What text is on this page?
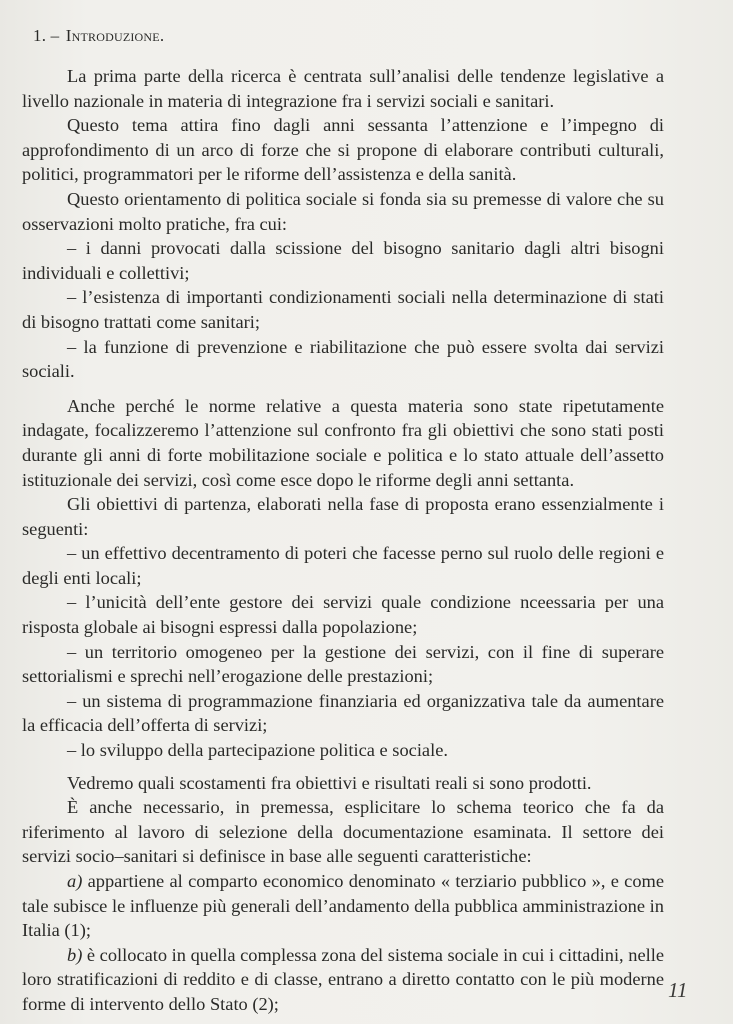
1. – Introduzione.

La prima parte della ricerca è centrata sull’analisi delle tendenze legislative a livello nazionale in materia di integrazione fra i servizi sociali e sanitari.

Questo tema attira fino dagli anni sessanta l’attenzione e l’impegno di approfondimento di un arco di forze che si propone di elaborare contributi culturali, politici, programmatori per le riforme dell’assistenza e della sanità.

Questo orientamento di politica sociale si fonda sia su premesse di valore che su osservazioni molto pratiche, fra cui:

– i danni provocati dalla scissione del bisogno sanitario dagli altri bisogni individuali e collettivi;

– l’esistenza di importanti condizionamenti sociali nella determinazione di stati di bisogno trattati come sanitari;

– la funzione di prevenzione e riabilitazione che può essere svolta dai servizi sociali.

Anche perché le norme relative a questa materia sono state ripetutamente indagate, focalizzeremo l’attenzione sul confronto fra gli obiettivi che sono stati posti durante gli anni di forte mobilitazione sociale e politica e lo stato attuale dell’assetto istituzionale dei servizi, così come esce dopo le riforme degli anni settanta.

Gli obiettivi di partenza, elaborati nella fase di proposta erano essenzialmente i seguenti:

– un effettivo decentramento di poteri che facesse perno sul ruolo delle regioni e degli enti locali;

– l’unicità dell’ente gestore dei servizi quale condizione nceessaria per una risposta globale ai bisogni espressi dalla popolazione;

– un territorio omogeneo per la gestione dei servizi, con il fine di superare settorialismi e sprechi nell’erogazione delle prestazioni;

– un sistema di programmazione finanziaria ed organizzativa tale da aumentare la efficacia dell’offerta di servizi;

– lo sviluppo della partecipazione politica e sociale.

Vedremo quali scostamenti fra obiettivi e risultati reali si sono prodotti.

È anche necessario, in premessa, esplicitare lo schema teorico che fa da riferimento al lavoro di selezione della documentazione esaminata. Il settore dei servizi socio–sanitari si definisce in base alle seguenti caratteristiche:

a) appartiene al comparto economico denominato « terziario pubblico », e come tale subisce le influenze più generali dell’andamento della pubblica amministrazione in Italia (1);

b) è collocato in quella complessa zona del sistema sociale in cui i cittadini, nelle loro stratificazioni di reddito e di classe, entrano a diretto contatto con le più moderne forme di intervento dello Stato (2);

11
